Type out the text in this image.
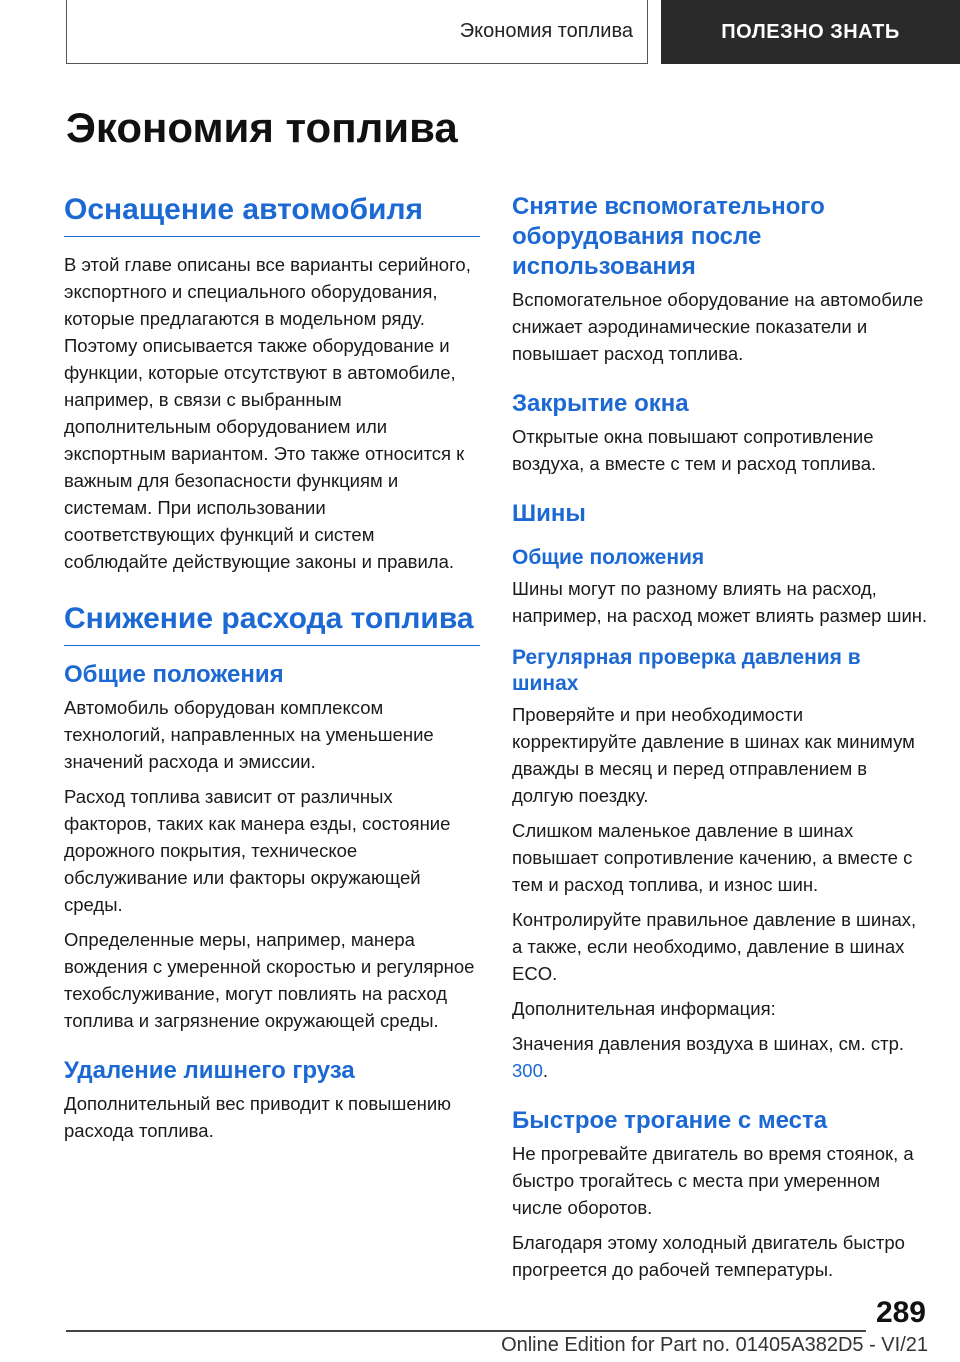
Экономия топлива	ПОЛЕЗНО ЗНАТЬ
Экономия топлива
Оснащение автомобиля

В этой главе описаны все варианты серийного, экспортного и специального оборудования, которые предлагаются в модельном ряду. Поэтому описывается также оборудование и функции, которые отсутствуют в автомобиле, например, в связи с выбранным дополнительным оборудованием или экспортным вариантом. Это также относится к важным для безопасности функциям и системам. При использовании соответствующих функций и систем соблюдайте действующие законы и правила.

Снижение расхода топлива
Общие положения

Автомобиль оборудован комплексом технологий, направленных на уменьшение значений расхода и эмиссии.

Расход топлива зависит от различных факторов, таких как манера езды, состояние дорожного покрытия, техническое обслуживание или факторы окружающей среды.

Определенные меры, например, манера вождения с умеренной скоростью и регулярное техобслуживание, могут повлиять на расход топлива и загрязнение окружающей среды.

Удаление лишнего груза

Дополнительный вес приводит к повышению расхода топлива.

Снятие вспомогательного оборудования после использования

Вспомогательное оборудование на автомобиле снижает аэродинамические показатели и повышает расход топлива.

Закрытие окна

Открытые окна повышают сопротивление воздуха, а вместе с тем и расход топлива.

Шины
Общие положения

Шины могут по разному влиять на расход, например, на расход может влиять размер шин.

Регулярная проверка давления в шинах

Проверяйте и при необходимости корректируйте давление в шинах как минимум дважды в месяц и перед отправлением в долгую поездку.

Слишком маленькое давление в шинах повышает сопротивление качению, а вместе с тем и расход топлива, и износ шин.

Контролируйте правильное давление в шинах, а также, если необходимо, давление в шинах ECO.

Дополнительная информация:

Значения давления воздуха в шинах, см. стр. 300.

Быстрое трогание с места

Не прогревайте двигатель во время стоянок, а быстро трогайтесь с места при умеренном числе оборотов.

Благодаря этому холодный двигатель быстро прогреется до рабочей температуры.

289
Online Edition for Part no. 01405A382D5 - VI/21
